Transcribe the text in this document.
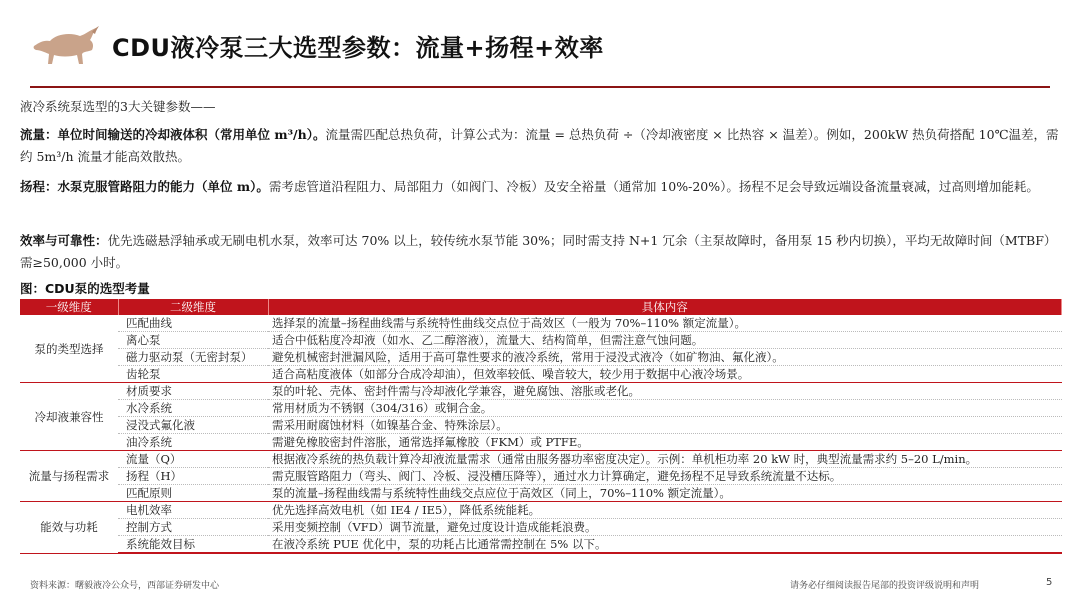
CDU液冷泵三大选型参数：流量+扬程+效率
液冷系统泵选型的3大关键参数——
流量：单位时间输送的冷却液体积（常用单位 m³/h）。流量需匹配总热负荷，计算公式为：流量 = 总热负荷 ÷（冷却液密度 × 比热容 × 温差）。例如，200kW 热负荷搭配 10℃温差，需约 5m³/h 流量才能高效散热。
扬程：水泵克服管路阻力的能力（单位 m）。需考虑管道沿程阻力、局部阻力（如阀门、冷板）及安全裕量（通常加 10%-20%）。扬程不足会导致远端设备流量衰减，过高则增加能耗。
效率与可靠性：优先选磁悬浮轴承或无刷电机水泵，效率可达 70% 以上，较传统水泵节能 30%；同时需支持 N+1 冗余（主泵故障时，备用泵 15 秒内切换），平均无故障时间（MTBF）需≥50,000 小时。
图：CDU泵的选型考量
一级维度	二级维度	具体内容
泵的类型选择	匹配曲线	选择泵的流量–扬程曲线需与系统特性曲线交点位于高效区（一般为 70%–110% 额定流量）。
	离心泵	适合中低粘度冷却液（如水、乙二醇溶液），流量大、结构简单，但需注意气蚀问题。
	磁力驱动泵（无密封泵）	避免机械密封泄漏风险，适用于高可靠性要求的液冷系统，常用于浸没式液冷（如矿物油、氟化液）。
	齿轮泵	适合高粘度液体（如部分合成冷却油），但效率较低、噪音较大，较少用于数据中心液冷场景。
冷却液兼容性	材质要求	泵的叶轮、壳体、密封件需与冷却液化学兼容，避免腐蚀、溶胀或老化。
	水冷系统	常用材质为不锈钢（304/316）或铜合金。
	浸没式氟化液	需采用耐腐蚀材料（如镍基合金、特殊涂层）。
	油冷系统	需避免橡胶密封件溶胀，通常选择氟橡胶（FKM）或 PTFE。
流量与扬程需求	流量（Q）	根据液冷系统的热负载计算冷却液流量需求（通常由服务器功率密度决定）。示例：单机柜功率 20 kW 时，典型流量需求约 5–20 L/min。
	扬程（H）	需克服管路阻力（弯头、阀门、冷板、浸没槽压降等），通过水力计算确定，避免扬程不足导致系统流量不达标。
	匹配原则	泵的流量–扬程曲线需与系统特性曲线交点应位于高效区（同上，70%–110% 额定流量）。
能效与功耗	电机效率	优先选择高效电机（如 IE4 / IE5），降低系统能耗。
	控制方式	采用变频控制（VFD）调节流量，避免过度设计造成能耗浪费。
	系统能效目标	在液冷系统 PUE 优化中，泵的功耗占比通常需控制在 5% 以下。
资料来源：曙毅液冷公众号，西部证券研发中心	请务必仔细阅读报告尾部的投资评级说明和声明	5
